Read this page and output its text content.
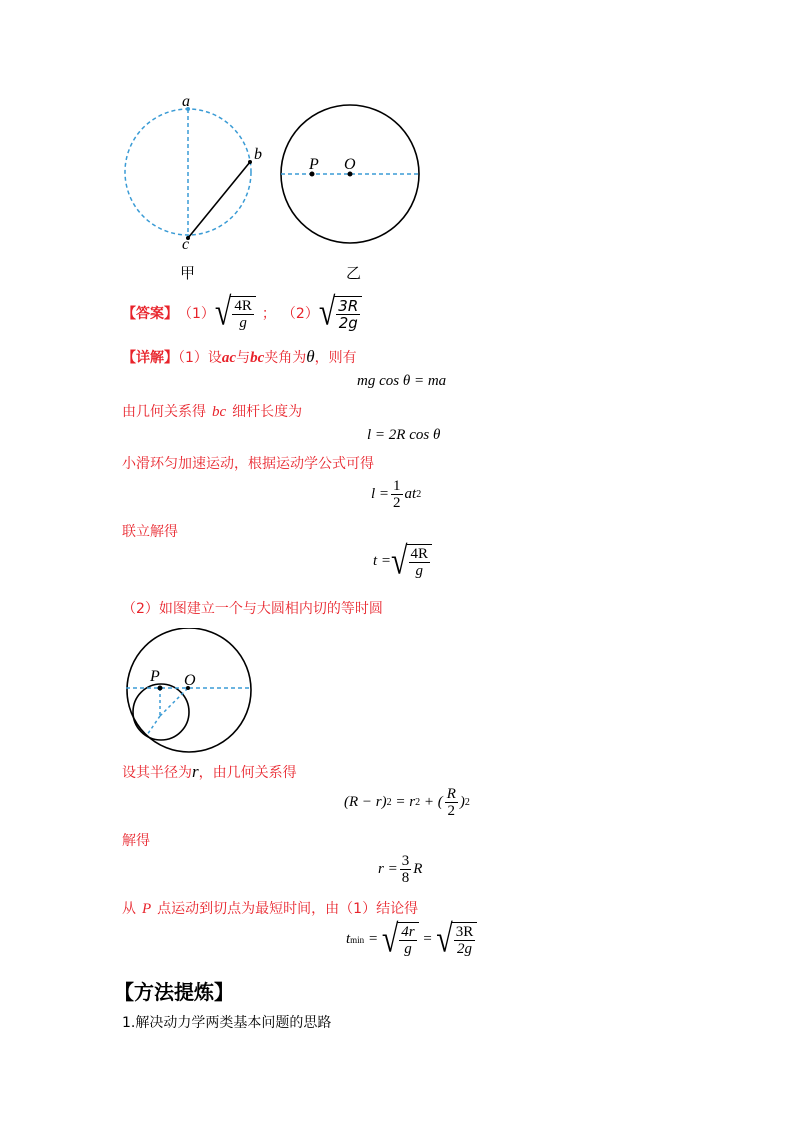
a
b
c
甲
P O
乙
【答案】 （1） √ $\frac{4R}{g}$ ； （2） √ $\frac{3R}{2g}$
【详解】（1）设ac与bc夹角为θ，则有
mg cos θ = ma
由几何关系得 bc 细杆长度为
l = 2R cos θ
小滑环匀加速运动，根据运动学公式可得
$l = \frac{1}{2}$ at 2
联立解得
t = √ $\frac{4R}{g}$
（2）如图建立一个与大圆相内切的等时圆
P O
设其半径为r，由几何关系得
(R − r) 2 = r 2 + ( $\frac{R}{2}$ ) 2
解得
$r = \frac{3}{8}$ R
从 P 点运动到切点为最短时间，由（1）结论得
t min = √ $\frac{4r}{g}$ = √ $\frac{3R}{2g}$
【方法提炼】
1.解决动力学两类基本问题的思路
